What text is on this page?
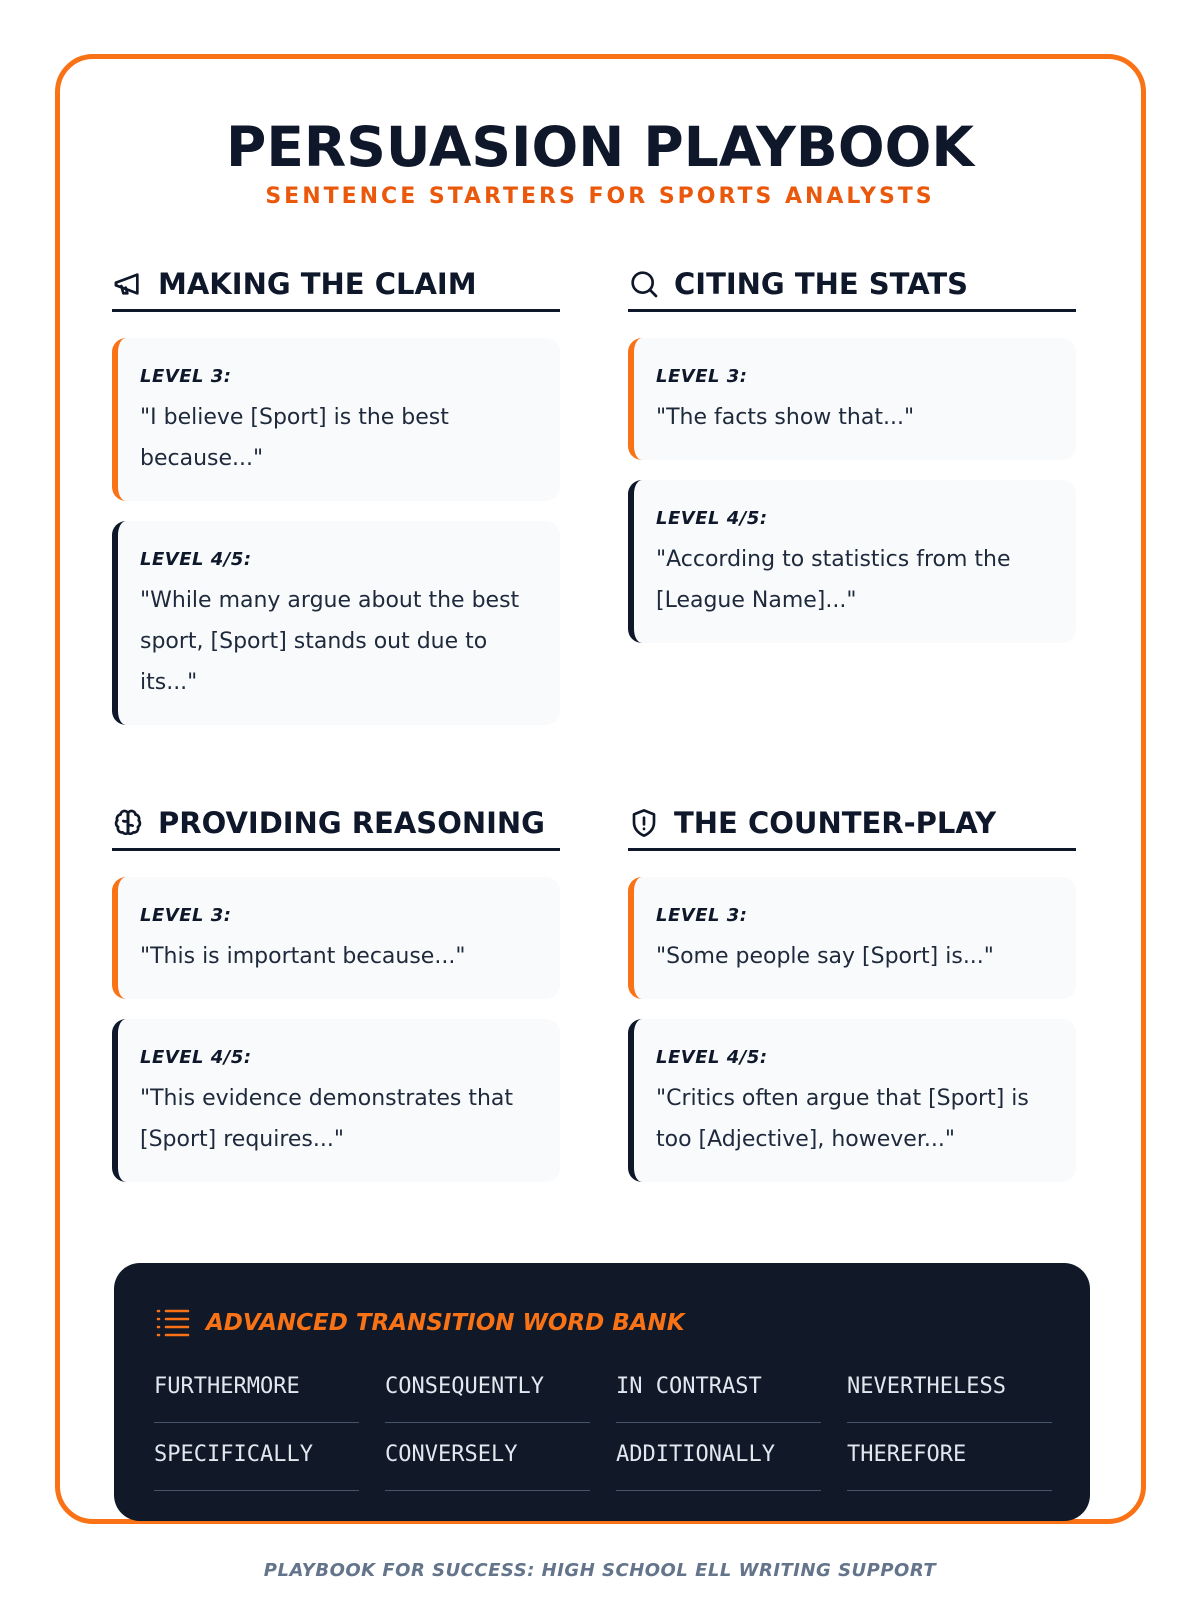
PERSUASION PLAYBOOK
SENTENCE STARTERS FOR SPORTS ANALYSTS
MAKING THE CLAIM
LEVEL 3:
"I believe [Sport] is the best because..."
LEVEL 4/5:
"While many argue about the best sport, [Sport] stands out due to its..."
CITING THE STATS
LEVEL 3:
"The facts show that..."
LEVEL 4/5:
"According to statistics from the [League Name]..."
PROVIDING REASONING
LEVEL 3:
"This is important because..."
LEVEL 4/5:
"This evidence demonstrates that [Sport] requires..."
THE COUNTER-PLAY
LEVEL 3:
"Some people say [Sport] is..."
LEVEL 4/5:
"Critics often argue that [Sport] is too [Adjective], however..."
ADVANCED TRANSITION WORD BANK
FURTHERMORE	CONSEQUENTLY	IN CONTRAST	NEVERTHELESS
SPECIFICALLY	CONVERSELY	ADDITIONALLY	THEREFORE
PLAYBOOK FOR SUCCESS: HIGH SCHOOL ELL WRITING SUPPORT
